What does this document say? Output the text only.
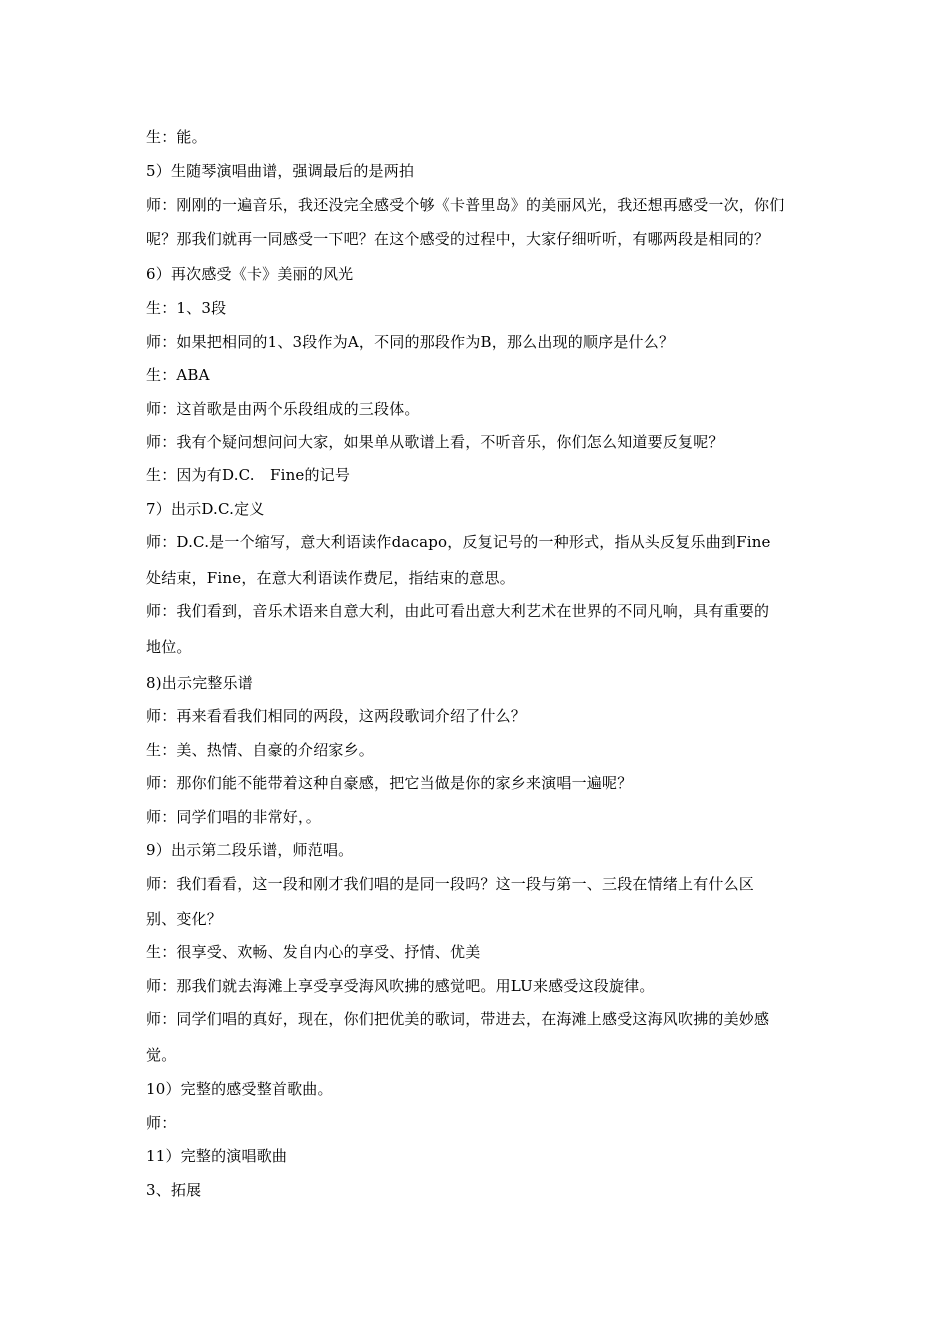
生：能。
5）生随琴演唱曲谱，强调最后的是两拍
师：刚刚的一遍音乐，我还没完全感受个够《卡普里岛》的美丽风光，我还想再感受一次，你们
呢？那我们就再一同感受一下吧？在这个感受的过程中，大家仔细听听，有哪两段是相同的？
6）再次感受《卡》美丽的风光
生：1、3段
师：如果把相同的1、3段作为A，不同的那段作为B，那么出现的顺序是什么？
生：ABA
师：这首歌是由两个乐段组成的三段体。
师：我有个疑问想问问大家，如果单从歌谱上看，不听音乐，你们怎么知道要反复呢？
生：因为有D.C.　Fine的记号
7）出示D.C.定义
师：D.C.是一个缩写，意大利语读作dacapo，反复记号的一种形式，指从头反复乐曲到Fine
处结束，Fine，在意大利语读作费尼，指结束的意思。
师：我们看到，音乐术语来自意大利，由此可看出意大利艺术在世界的不同凡响，具有重要的
地位。
8)出示完整乐谱
师：再来看看我们相同的两段，这两段歌词介绍了什么？
生：美、热情、自豪的介绍家乡。
师：那你们能不能带着这种自豪感，把它当做是你的家乡来演唱一遍呢？
师：同学们唱的非常好，。
9）出示第二段乐谱，师范唱。
师：我们看看，这一段和刚才我们唱的是同一段吗？这一段与第一、三段在情绪上有什么区
别、变化？
生：很享受、欢畅、发自内心的享受、抒情、优美
师：那我们就去海滩上享受享受海风吹拂的感觉吧。用LU来感受这段旋律。
师：同学们唱的真好，现在，你们把优美的歌词，带进去，在海滩上感受这海风吹拂的美妙感
觉。
10）完整的感受整首歌曲。
师：
11）完整的演唱歌曲
3、拓展
